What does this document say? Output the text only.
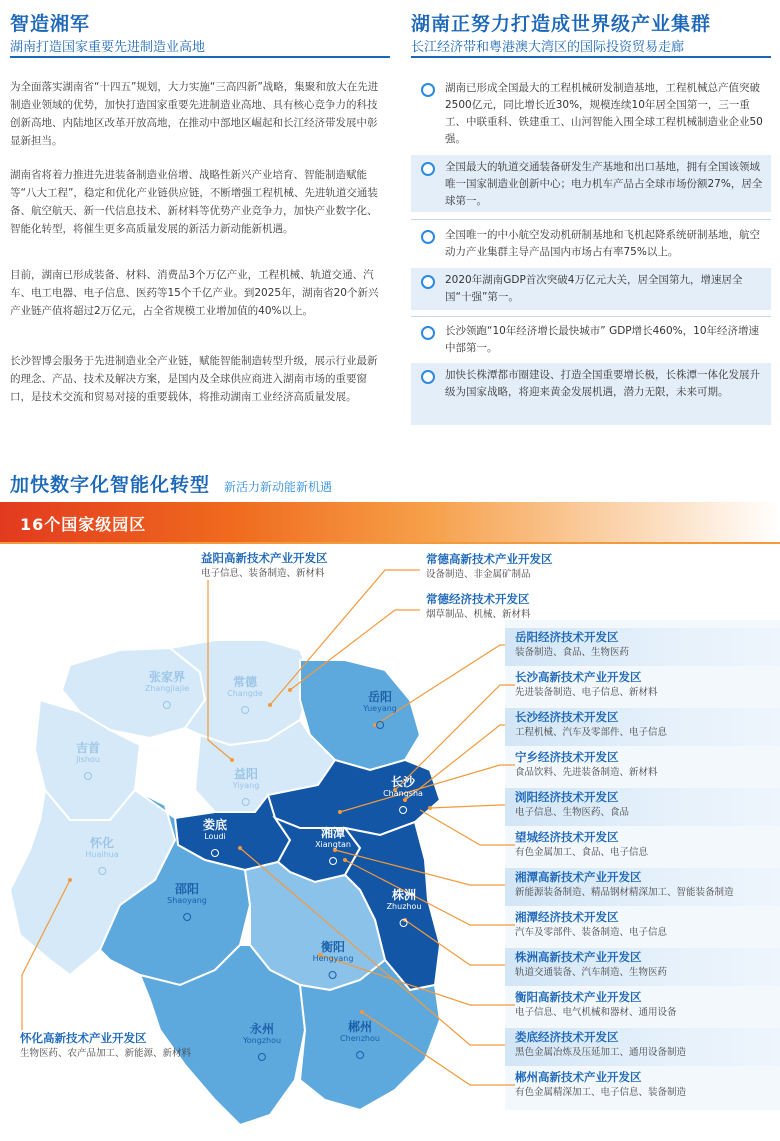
智造湘军
湖南打造国家重要先进制造业高地
为全面落实湖南省“十四五”规划，大力实施“三高四新”战略，集聚和放大在先进制造业领域的优势，加快打造国家重要先进制造业高地、具有核心竞争力的科技创新高地、内陆地区改革开放高地，在推动中部地区崛起和长江经济带发展中彰显新担当。
湖南省将着力推进先进装备制造业倍增、战略性新兴产业培育、智能制造赋能等“八大工程”，稳定和优化产业链供应链，不断增强工程机械、先进轨道交通装备、航空航天、新一代信息技术、新材料等优势产业竞争力，加快产业数字化、智能化转型，将催生更多高质量发展的新活力新动能新机遇。
目前，湖南已形成装备、材料、消费品3个万亿产业，工程机械、轨道交通、汽车、电工电器、电子信息、医药等15个千亿产业。到2025年，湖南省20个新兴产业链产值将超过2万亿元，占全省规模工业增加值的40%以上。
长沙智博会服务于先进制造业全产业链，赋能智能制造转型升级，展示行业最新的理念、产品、技术及解决方案，是国内及全球供应商进入湖南市场的重要窗口，是技术交流和贸易对接的重要载体，将推动湖南工业经济高质量发展。
湖南正努力打造成世界级产业集群
长江经济带和粤港澳大湾区的国际投资贸易走廊
湖南已形成全国最大的工程机械研发制造基地，工程机械总产值突破2500亿元，同比增长近30%，规模连续10年居全国第一，三一重工、中联重科、铁建重工、山河智能入围全球工程机械制造业企业50强。
全国最大的轨道交通装备研发生产基地和出口基地，拥有全国该领域唯一国家制造业创新中心；电力机车产品占全球市场份额27%，居全球第一。
全国唯一的中小航空发动机研制基地和飞机起降系统研制基地，航空动力产业集群主导产品国内市场占有率75%以上。
2020年湖南GDP首次突破4万亿元大关，居全国第九，增速居全国“十强”第一。
长沙领跑“10年经济增长最快城市” GDP增长460%，10年经济增速中部第一。
加快长株潭都市圈建设、打造全国重要增长极，长株潭一体化发展升级为国家战略，将迎来黄金发展机遇，潜力无限，未来可期。
加快数字化智能化转型 新活力新动能新机遇
16个国家级园区
张家界
Zhangjiajie	常德
Changde	岳阳
Yueyang
吉首
Jishou
益阳
Yiyang	长沙
Changsha
娄底
Loudi	湘潭
Xiangtan
怀化
Huaihua
邵阳
Shaoyang	株洲
Zhuzhou
衡阳
Hengyang
永州
Yongzhou
郴州
Chenzhou
益阳高新技术产业开发区
电子信息、装备制造、新材料
常德高新技术产业开发区
设备制造、非金属矿制品
常德经济技术开发区
烟草制品、机械、新材料
岳阳经济技术开发区
装备制造、食品、生物医药
长沙高新技术产业开发区
先进装备制造、电子信息、新材料
长沙经济技术开发区
工程机械、汽车及零部件、电子信息
宁乡经济技术开发区
食品饮料、先进装备制造、新材料
浏阳经济技术开发区
电子信息、生物医药、食品
望城经济技术开发区
有色金属加工、食品、电子信息
湘潭高新技术产业开发区
新能源装备制造、精品钢材精深加工、智能装备制造
湘潭经济技术开发区
汽车及零部件、装备制造、电子信息
株洲高新技术产业开发区
轨道交通装备、汽车制造、生物医药
衡阳高新技术产业开发区
电子信息、电气机械和器材、通用设备
娄底经济技术开发区
黑色金属冶炼及压延加工、通用设备制造
郴州高新技术产业开发区
有色金属精深加工、电子信息、装备制造
怀化高新技术产业开发区
生物医药、农产品加工、新能源、新材料
